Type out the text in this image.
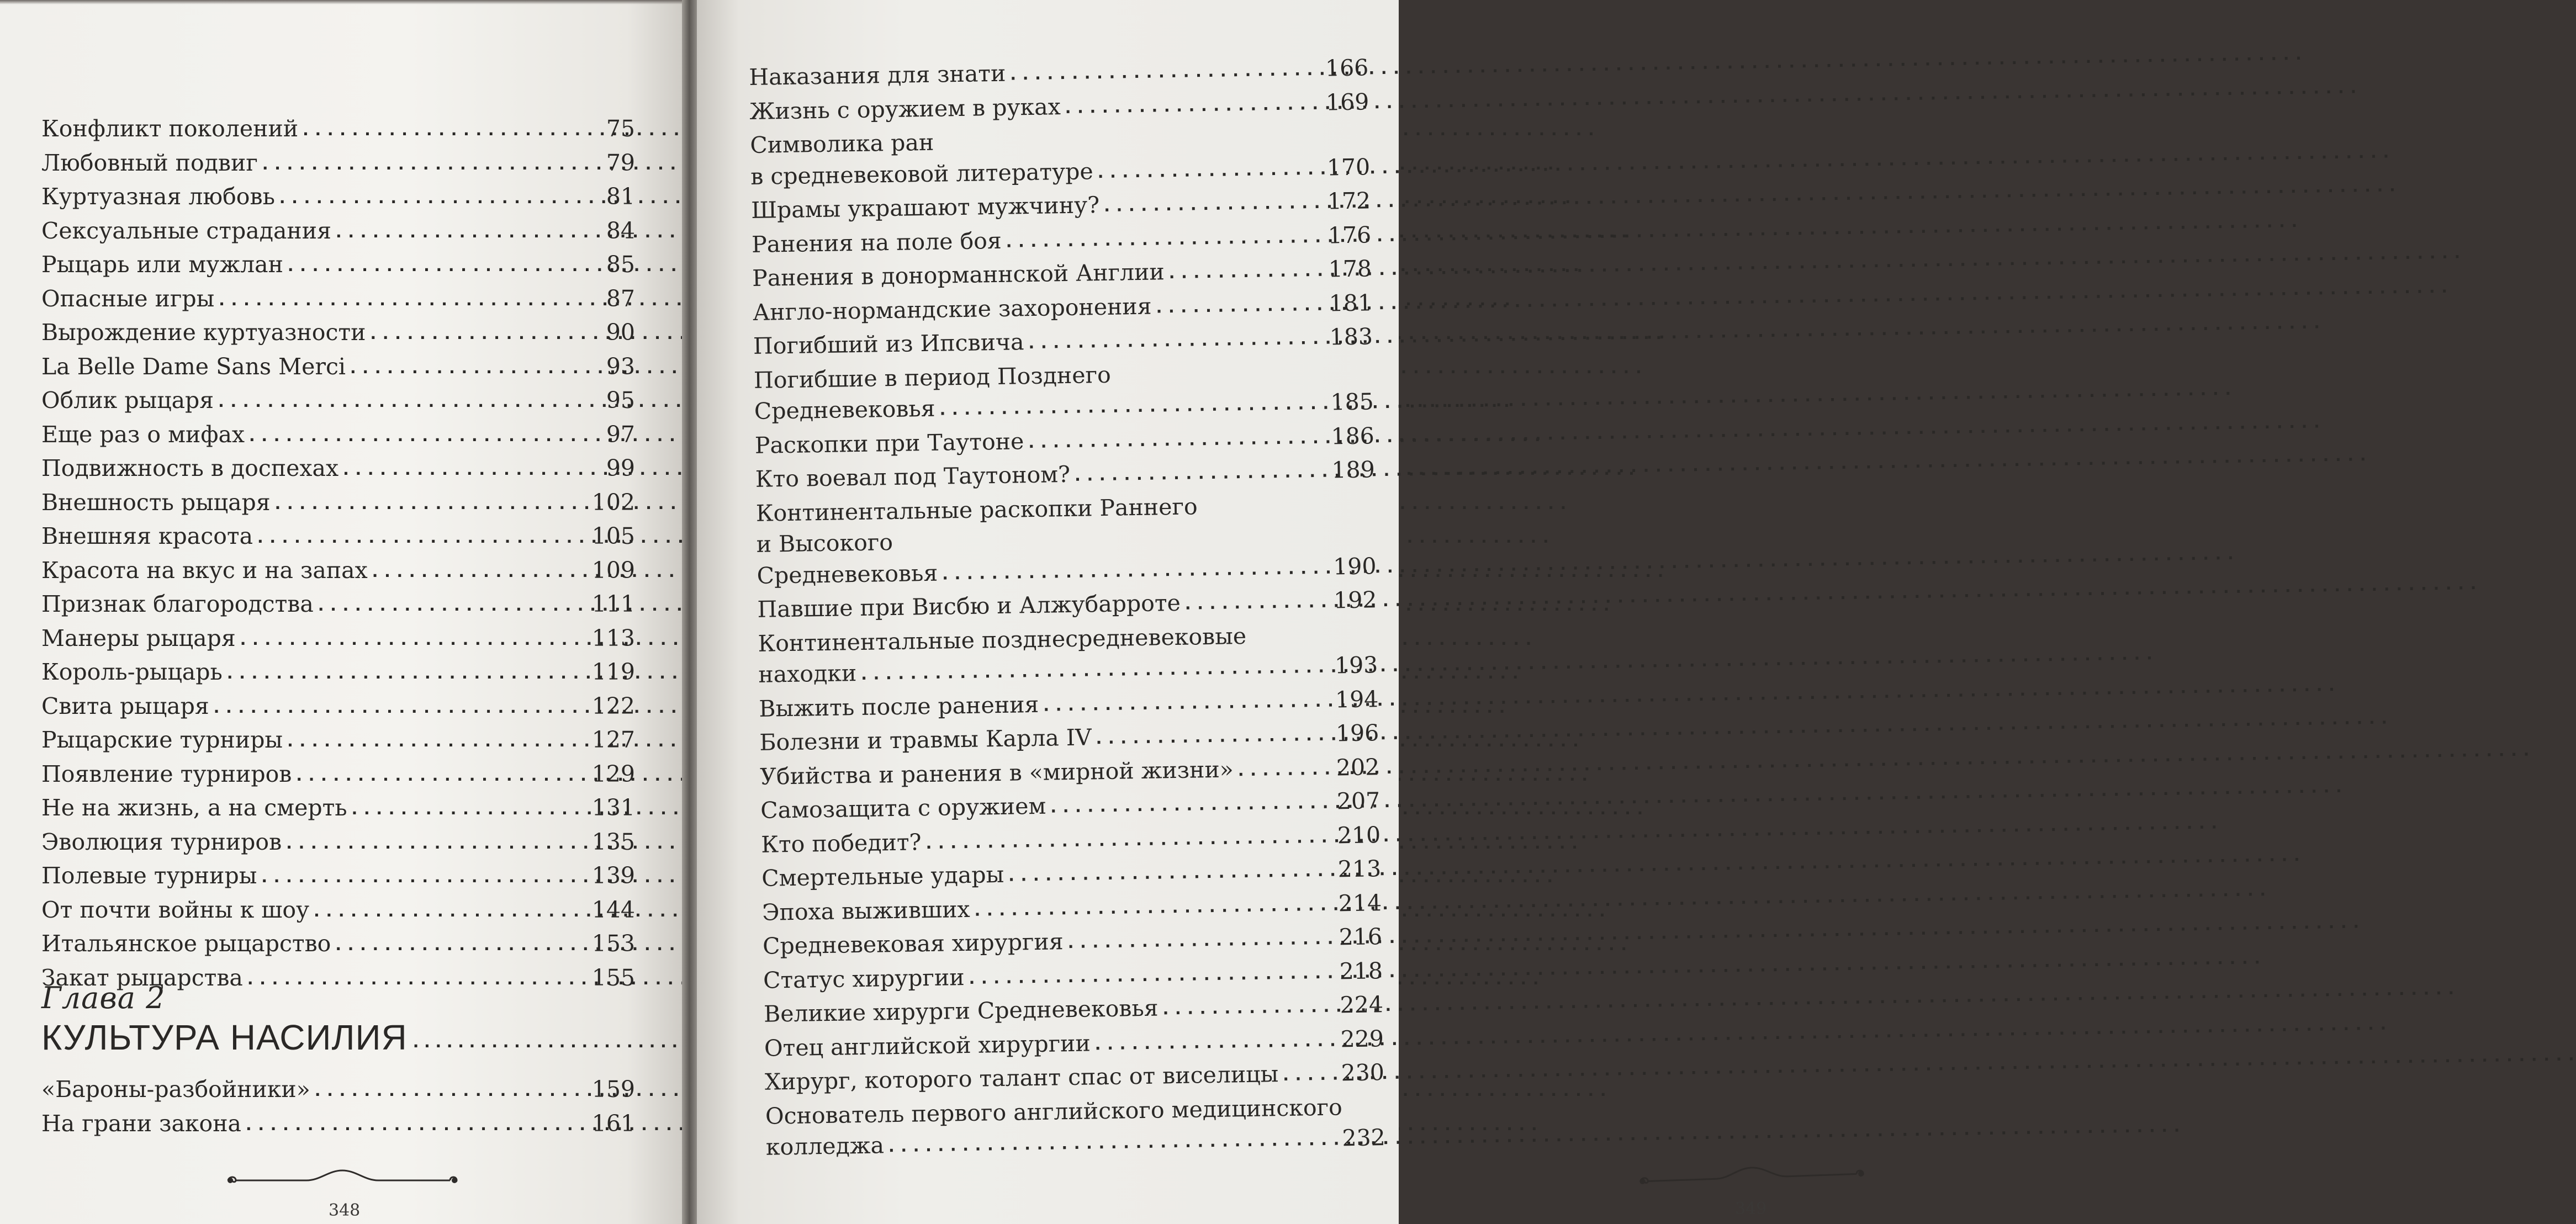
Конфликт поколений . . .	75
Любовный подвиг . . .	79
Куртуазная любовь . . .	81
Сексуальные страдания . . .	84
Рыцарь или мужлан . . .	85
Опасные игры . . .	87
Вырождение куртуазности . . .	90
La Belle Dame Sans Merci . . .	93
Облик рыцаря . . .	95
Еще раз о мифах . . .	97
Подвижность в доспехах . . .	99
Внешность рыцаря . . .	102
Внешняя красота . . .	105
Красота на вкус и на запах . . .	109
Признак благородства . . .	111
Манеры рыцаря . . .	113
Король-рыцарь . . .	119
Свита рыцаря . . .	122
Рыцарские турниры . . .	127
Появление турниров . . .	129
Не на жизнь, а на смерть . . .	131
Эволюция турниров . . .	135
Полевые турниры . . .	139
От почти войны к шоу . . .	144
Итальянское рыцарство . . .	153
Закат рыцарства . . .	155
Глава 2
КУЛЬТУРА НАСИЛИЯ
. . .
«Бароны-разбойники» . . .	159
На грани закона . . .	161
348
Наказания для знати . . .	166
Жизнь с оружием в руках . . .	169
Символика ран
в средневековой литературе . . .	170
Шрамы украшают мужчину? . . .	172
Ранения на поле боя . . .	176
Ранения в донорманнской Англии . . .	178
Англо-нормандские захоронения . . .	181
Погибший из Ипсвича . . .	183
Погибшие в период Позднего
Средневековья . . .	185
Раскопки при Таутоне . . .	186
Кто воевал под Таутоном? . . .	189
Континентальные раскопки Раннего
и Высокого
Средневековья . . .	190
Павшие при Висбю и Алжубарроте . . .	192
Континентальные позднесредневековые
находки . . .	193
Выжить после ранения . . .	194
Болезни и травмы Карла IV . . .	196
Убийства и ранения в «мирной жизни» . . .	202
Самозащита с оружием . . .	207
Кто победит? . . .	210
Смертельные удары . . .	213
Эпоха выживших . . .	214
Средневековая хирургия . . .	216
Статус хирургии . . .	218
Великие хирурги Средневековья . . .	224
Отец английской хирургии . . .	229
Хирург, которого талант спас от виселицы . . .	230
Основатель первого английского медицинского
колледжа . . .	232
349
